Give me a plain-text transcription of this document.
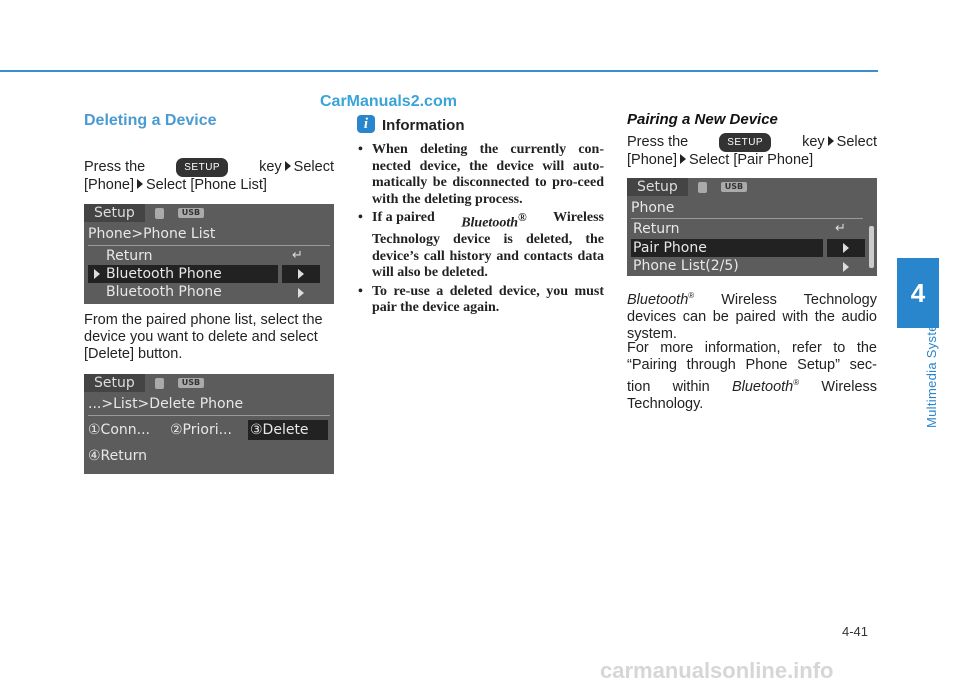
CarManuals2.com
Deleting a Device
Press the	SETUP	key Select
[Phone] Select [Phone List]
Setup	USB
Phone>Phone List
Return	↵
Bluetooth Phone
Bluetooth Phone
From the paired phone list, select the device you want to delete and select [Delete] button.
Setup	USB
...>List>Delete Phone
①Conn... ②Priori... ③Delete
④Return
i Information
• When deleting the currently con-nected device, the device will auto-matically be disconnected to pro-ceed with the deleting process.
• If a paired Bluetooth® Wireless
Technology device is deleted, the device’s call history and contacts data will also be deleted.
• To re-use a deleted device, you must pair the device again.
Pairing a New Device
Press the	SETUP	key Select
[Phone] Select [Pair Phone]
Setup	USB
Phone
Return	↵
Pair Phone
Phone List(2/5)
Bluetooth® Wireless Technology devices can be paired with the audio system.
For more information, refer to the “Pairing through Phone Setup” sec-tion within Bluetooth® Wireless Technology.
4
Multimedia System
4-41
carmanualsonline.info
